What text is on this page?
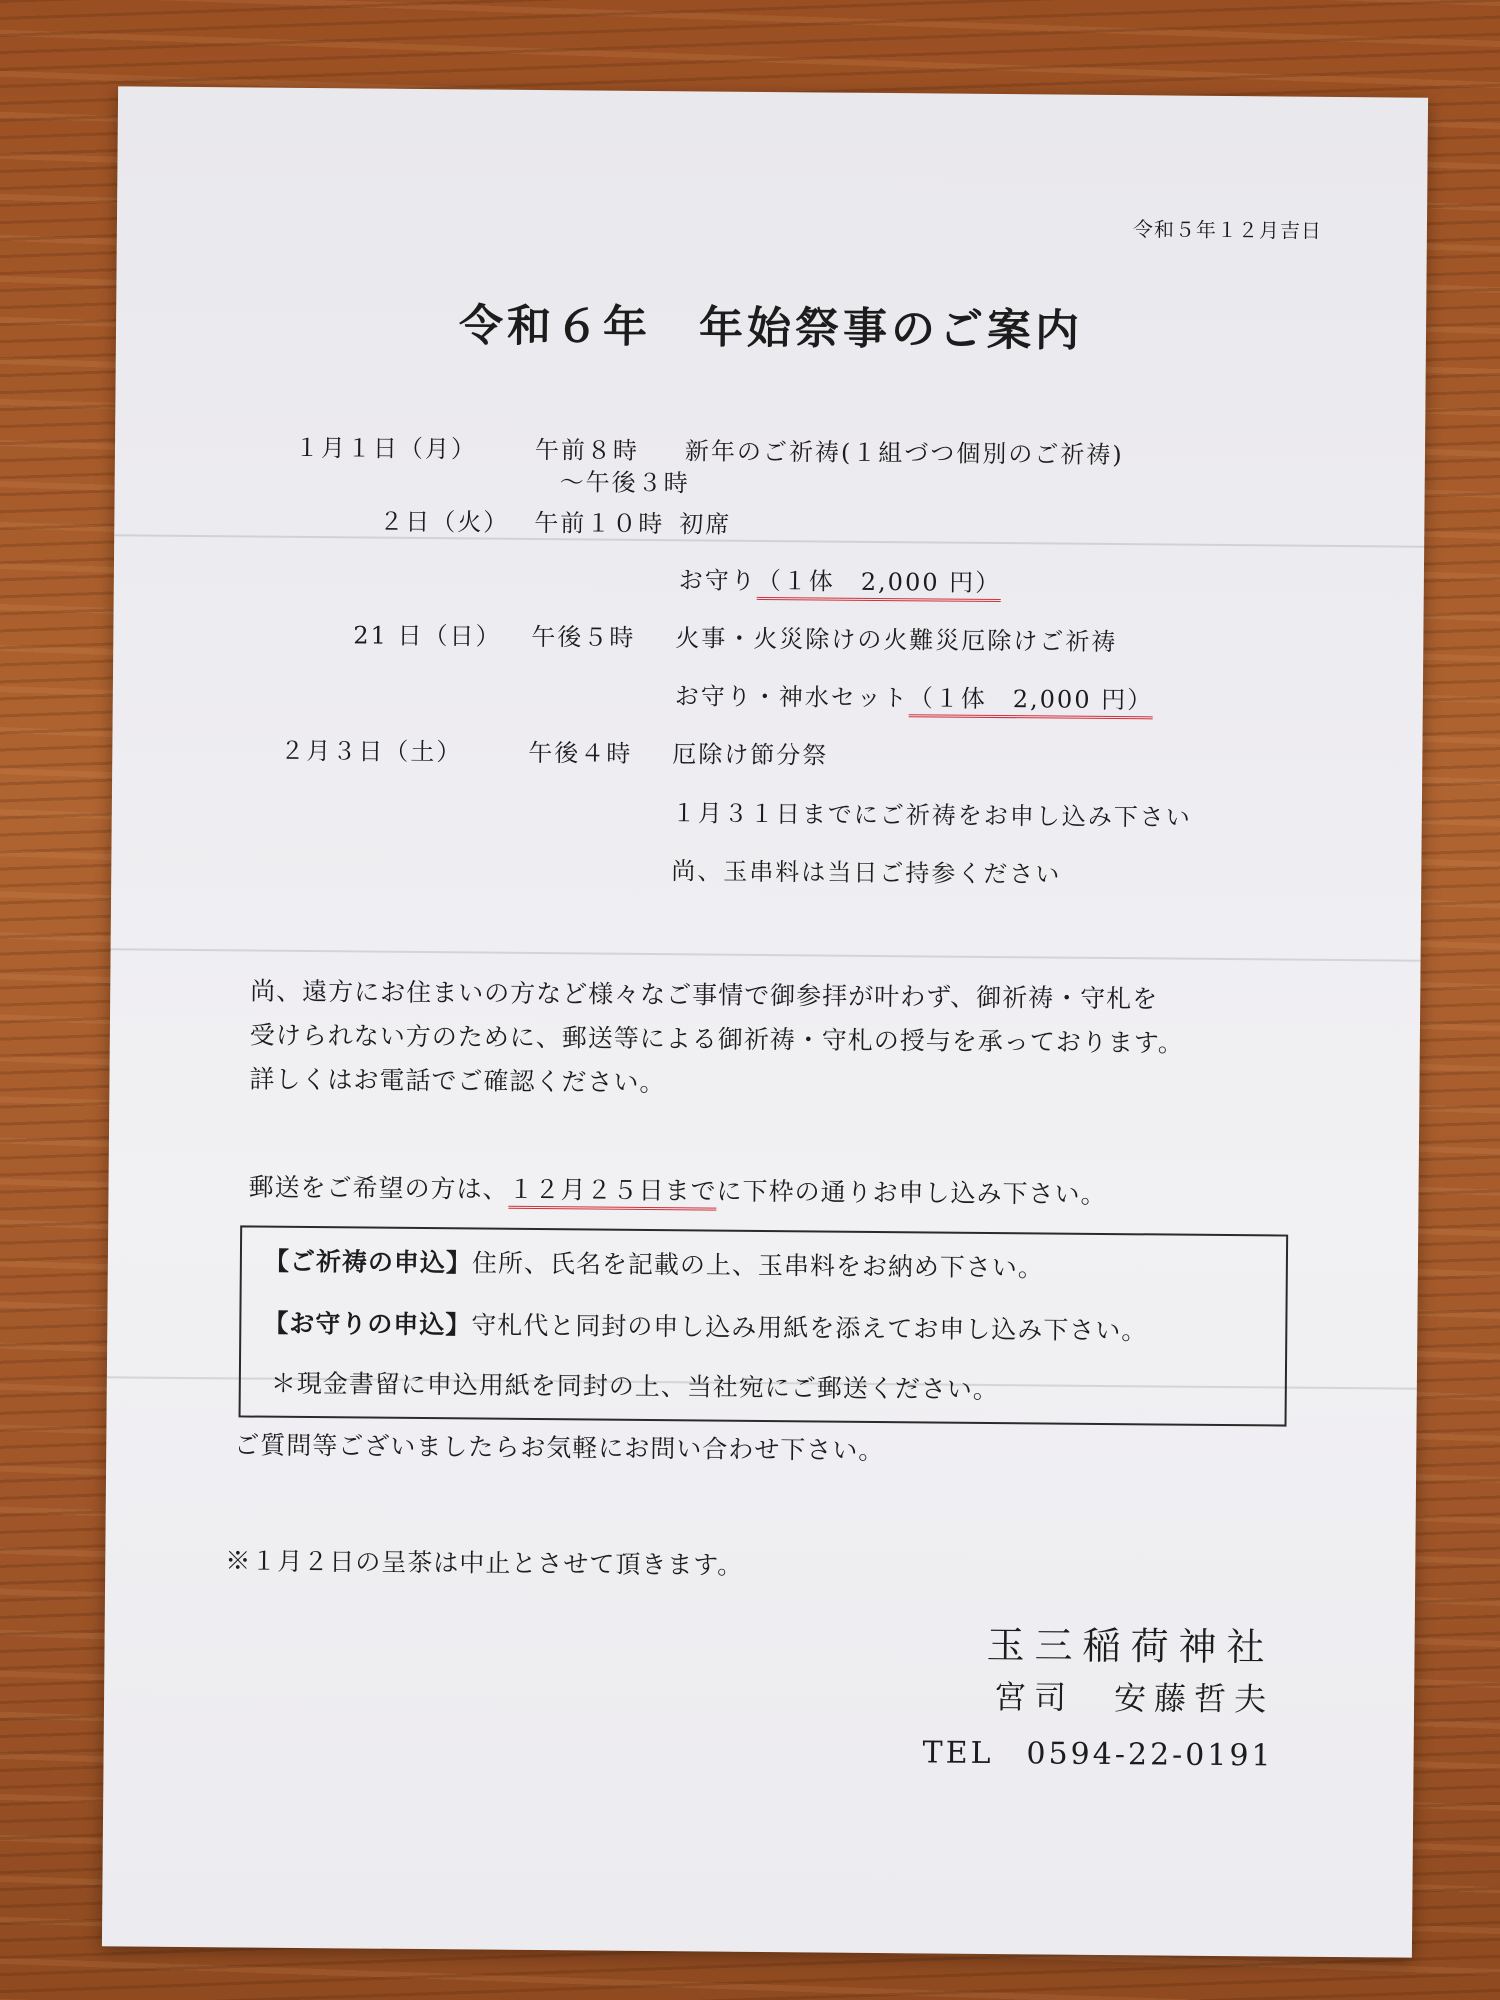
令和５年１２月吉日
令和６年　年始祭事のご案内
１月１日（月） 午前８時
～午後３時
新年のご祈祷(１組づつ個別のご祈祷)
２日（火） 午前１０時 初席
お守り（１体　2,000 円）
21 日（日） 午後５時 火事・火災除けの火難災厄除けご祈祷
お守り・神水セット（１体　2,000 円）
２月３日（土）	午後４時 厄除け節分祭
１月３１日までにご祈祷をお申し込み下さい
尚、玉串料は当日ご持参ください
尚、遠方にお住まいの方など様々なご事情で御参拝が叶わず、御祈祷・守札を
受けられない方のために、郵送等による御祈祷・守札の授与を承っております。
詳しくはお電話でご確認ください。
郵送をご希望の方は、１２月２５日までに下枠の通りお申し込み下さい。
【ご祈祷の申込】住所、氏名を記載の上、玉串料をお納め下さい。
【お守りの申込】守札代と同封の申し込み用紙を添えてお申し込み下さい。
＊現金書留に申込用紙を同封の上、当社宛にご郵送ください。
ご質問等ございましたらお気軽にお問い合わせ下さい。
※１月２日の呈茶は中止とさせて頂きます。
玉三稲荷神社
宮司　安藤哲夫
TEL　0594-22-0191
